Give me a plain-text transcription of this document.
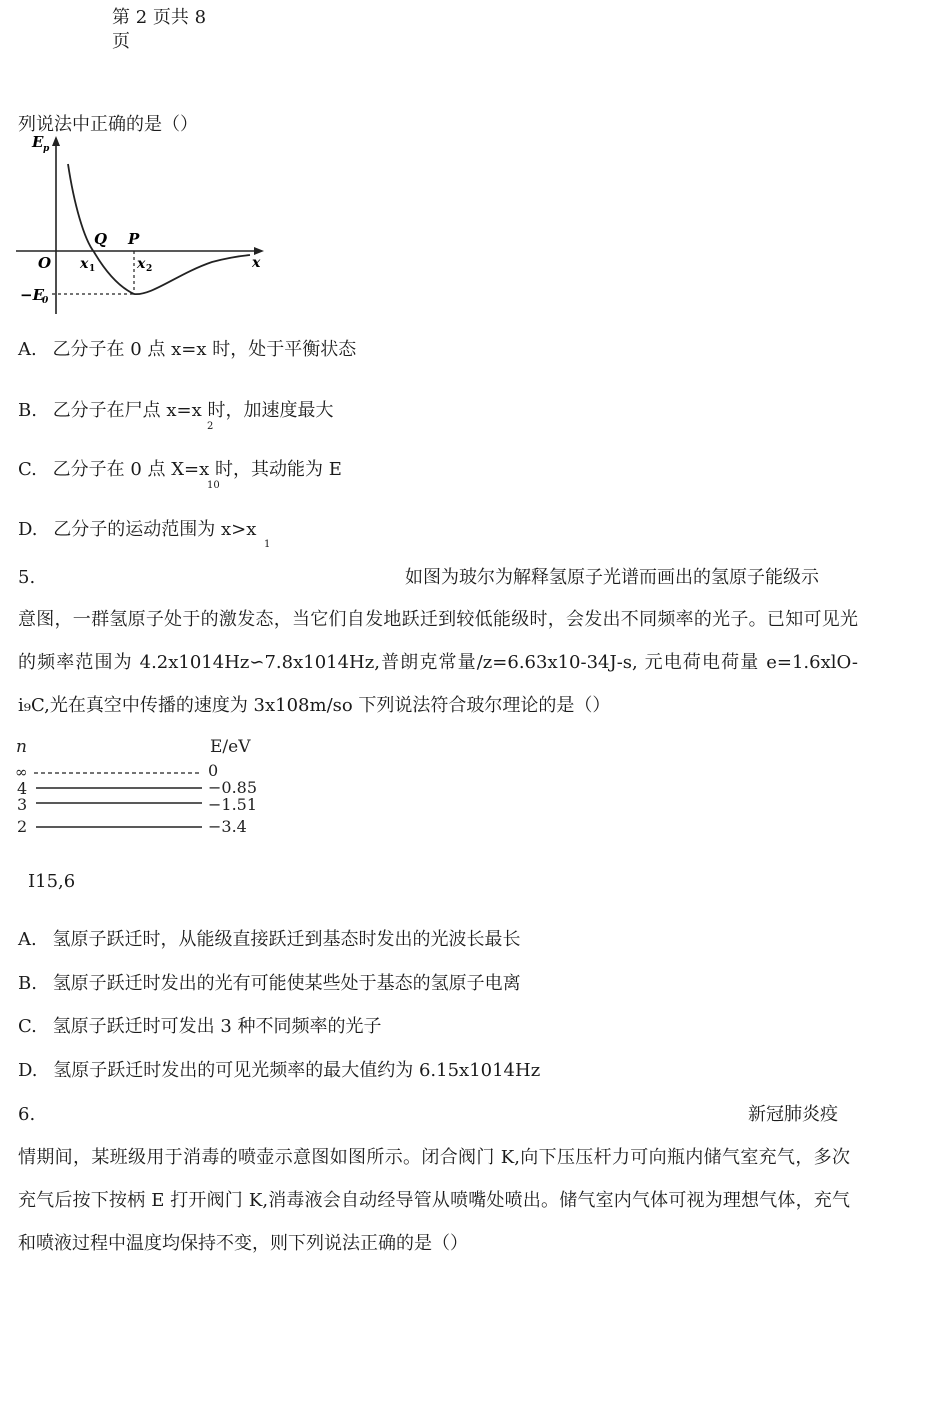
第 2 页共 8 页
列说法中正确的是（）
E p
x
O
Q P
x 1	x 2
−E
0
A. 乙分子在 0 点 x=x 时，处于平衡状态
B. 乙分子在尸点 x=x 时，加速度最大
2
C. 乙分子在 0 点 X=x 时，其动能为 E
10
D. 乙分子的运动范围为 x>x
1
5.	如图为玻尔为解释氢原子光谱而画出的氢原子能级示
意图，一群氢原子处于的激发态，当它们自发地跃迁到较低能级时，会发出不同频率的光子。已知可见光的频率范围为 4.2x1014Hz∽7.8x1014Hz,普朗克常量/z=6.63x10-34J-s, 元电荷电荷量 e=1.6xlO-i₉C,光在真空中传播的速度为 3x108m/so 下列说法符合玻尔理论的是（）
n	E/eV
∞	0
4	−0.85
3	−1.51
2	−3.4
I15,6
A. 氢原子跃迁时，从能级直接跃迁到基态时发出的光波长最长
B. 氢原子跃迁时发出的光有可能使某些处于基态的氢原子电离
C. 氢原子跃迁时可发出 3 种不同频率的光子
D. 氢原子跃迁时发出的可见光频率的最大值约为 6.15x1014Hz
6.	新冠肺炎疫
情期间，某班级用于消毒的喷壶示意图如图所示。闭合阀门 K,向下压压杆力可向瓶内储气室充气，多次充气后按下按柄 E 打开阀门 K,消毒液会自动经导管从喷嘴处喷出。储气室内气体可视为理想气体，充气和喷液过程中温度均保持不变，则下列说法正确的是（）
